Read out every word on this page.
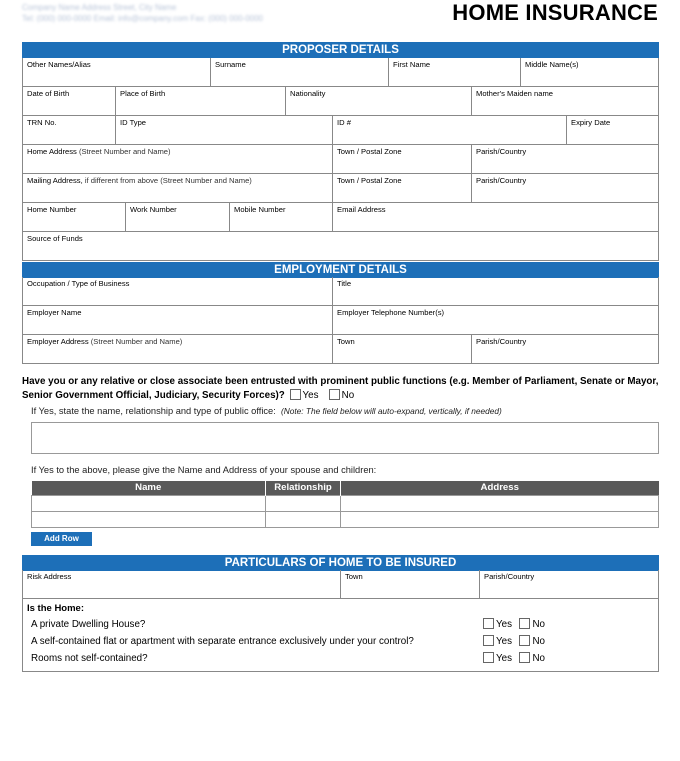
Company Name Address Street, City Name
Tel: (000) 000-0000 Email: info@company.com Fax: (000) 000-0000	HOME INSURANCE
PROPOSER DETAILS
Other Names/Alias	Surname	First Name	Middle Name(s)
Date of Birth	Place of Birth	Nationality	Mother's Maiden name
TRN No.	ID Type	ID #	Expiry Date
Home Address (Street Number and Name)	Town / Postal Zone	Parish/Country
Mailing Address, if different from above (Street Number and Name)	Town / Postal Zone	Parish/Country
Home Number	Work Number	Mobile Number	Email Address
Source of Funds
EMPLOYMENT DETAILS
Occupation / Type of Business	Title
Employer Name	Employer Telephone Number(s)
Employer Address (Street Number and Name)	Town	Parish/Country
Have you or any relative or close associate been entrusted with prominent public functions (e.g. Member of Parliament, Senate or Mayor, Senior Government Official, Judiciary, Security Forces)? Yes No
If Yes, state the name, relationship and type of public office: (Note: The field below will auto-expand, vertically, if needed)
If Yes to the above, please give the Name and Address of your spouse and children:
Name	Relationship	Address

Add Row
PARTICULARS OF HOME TO BE INSURED
Risk Address	Town	Parish/Country
Is the Home:
A private Dwelling House?	Yes No
A self-contained flat or apartment with separate entrance exclusively under your control?	Yes No
Rooms not self-contained?	Yes No
